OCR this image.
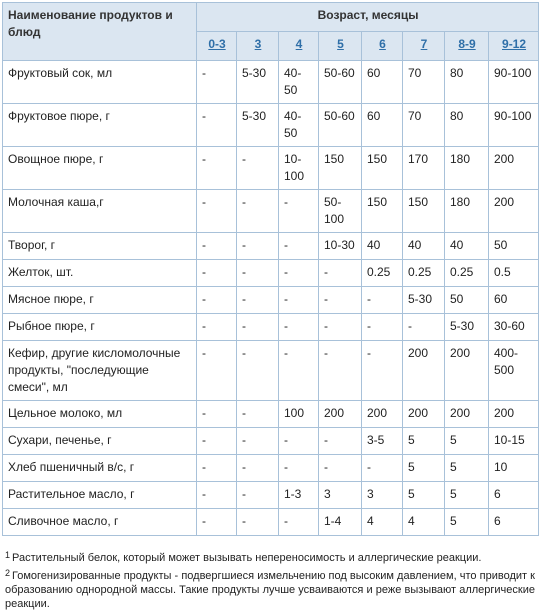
Наименование продуктов и блюд	Возраст, месяцы							
	0-3	3	4	5	6	7	8-9	9-12
Фруктовый сок, мл	-	5-30	40-50	50-60	60	70	80	90-100
Фруктовое пюре, г	-	5-30	40-50	50-60	60	70	80	90-100
Овощное пюре, г	-	-	10-100	150	150	170	180	200
Молочная каша,г	-	-	-	50-100	150	150	180	200
Творог, г	-	-	-	10-30	40	40	40	50
Желток, шт.	-	-	-	-	0.25	0.25	0.25	0.5
Мясное пюре, г	-	-	-	-	-	5-30	50	60
Рыбное пюре, г	-	-	-	-	-	-	5-30	30-60
Кефир, другие кисломолочные продукты, "последующие смеси", мл	-	-	-	-	-	200	200	400-500
Цельное молоко, мл	-	-	100	200	200	200	200	200
Сухари, печенье, г	-	-	-	-	3-5	5	5	10-15
Хлеб пшеничный в/с, г	-	-	-	-	-	5	5	10
Растительное масло, г	-	-	1-3	3	3	5	5	6
Сливочное масло, г	-	-	-	1-4	4	4	5	6

$^1$ Растительный белок, который может вызывать непереносимость и аллергические реакции.

$^2$ Гомогенизированные продукты - подвергшиеся измельчению под высоким давлением, что приводит к образованию однородной массы. Такие продукты лучше усваиваются и реже вызывают аллергические реакции.
